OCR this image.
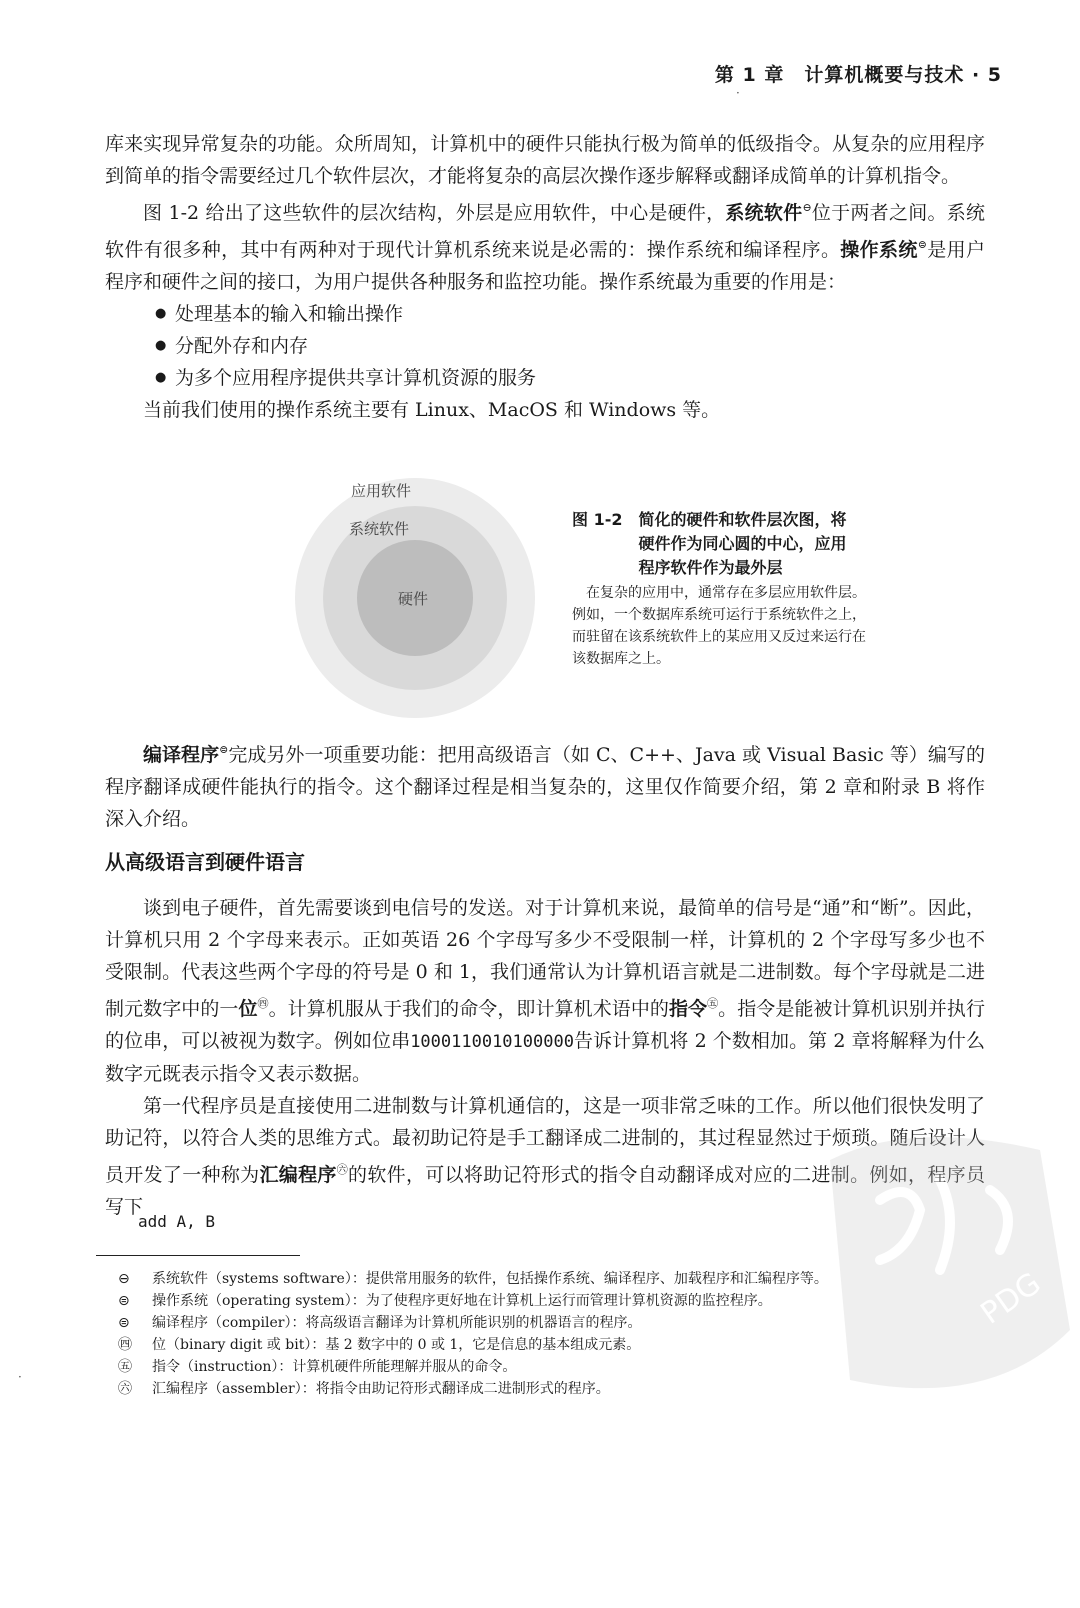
第 1 章　计算机概要与技术 · 5
·

库来实现异常复杂的功能。众所周知，计算机中的硬件只能执行极为简单的低级指令。从复杂的应用程序到简单的指令需要经过几个软件层次，才能将复杂的高层次操作逐步解释或翻译成简单的计算机指令。

图 1-2 给出了这些软件的层次结构，外层是应用软件，中心是硬件，系统软件⊖位于两者之间。系统软件有很多种，其中有两种对于现代计算机系统来说是必需的：操作系统和编译程序。操作系统⊜是用户程序和硬件之间的接口，为用户提供各种服务和监控功能。操作系统最为重要的作用是：

● 处理基本的输入和输出操作
● 分配外存和内存
● 为多个应用程序提供共享计算机资源的服务

当前我们使用的操作系统主要有 Linux、MacOS 和 Windows 等。

应用软件
系统软件
硬件
图 1-2 简化的硬件和软件层次图，将硬件作为同心圆的中心，应用程序软件作为最外层
在复杂的应用中，通常存在多层应用软件层。例如，一个数据库系统可运行于系统软件之上，而驻留在该系统软件上的某应用又反过来运行在该数据库之上。

编译程序⊜完成另外一项重要功能：把用高级语言（如 C、C++、Java 或 Visual Basic 等）编写的程序翻译成硬件能执行的指令。这个翻译过程是相当复杂的，这里仅作简要介绍，第 2 章和附录 B 将作深入介绍。

从高级语言到硬件语言

谈到电子硬件，首先需要谈到电信号的发送。对于计算机来说，最简单的信号是“通”和“断”。因此，计算机只用 2 个字母来表示。正如英语 26 个字母写多少不受限制一样，计算机的 2 个字母写多少也不受限制。代表这些两个字母的符号是 0 和 1，我们通常认为计算机语言就是二进制数。每个字母就是二进制元数字中的一位$^㊃$。计算机服从于我们的命令，即计算机术语中的指令$^㊄$。指令是能被计算机识别并执行的位串，可以被视为数字。例如位串1000110010100000告诉计算机将 2 个数相加。第 2 章将解释为什么数字元既表示指令又表示数据。

第一代程序员是直接使用二进制数与计算机通信的，这是一项非常乏味的工作。所以他们很快发明了助记符，以符合人类的思维方式。最初助记符是手工翻译成二进制的，其过程显然过于烦琐。随后设计人员开发了一种称为汇编程序$^㊅$的软件，可以将助记符形式的指令自动翻译成对应的二进制。例如，程序员写下

add A, B
⊖ 系统软件（systems software）：提供常用服务的软件，包括操作系统、编译程序、加载程序和汇编程序等。
⊜ 操作系统（operating system）：为了使程序更好地在计算机上运行而管理计算机资源的监控程序。
⊜ 编译程序（compiler）：将高级语言翻译为计算机所能识别的机器语言的程序。
㊃ 位（binary digit 或 bit）：基 2 数字中的 0 或 1，它是信息的基本组成元素。
㊄ 指令（instruction）：计算机硬件所能理解并服从的命令。
㊅ 汇编程序（assembler）：将指令由助记符形式翻译成二进制形式的程序。
PDG
·
